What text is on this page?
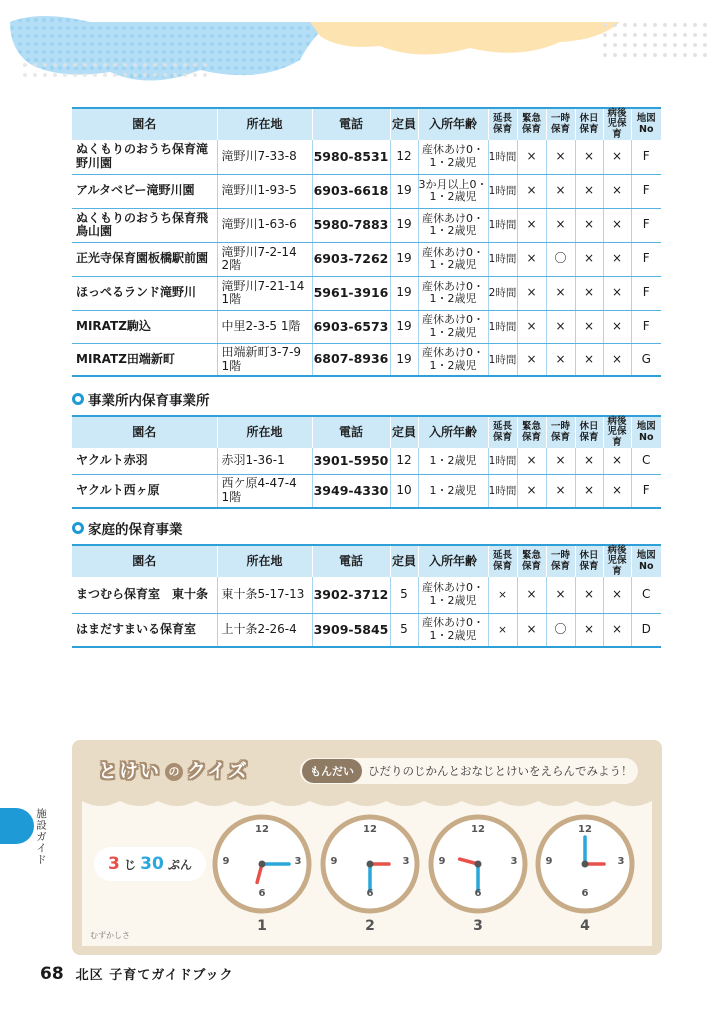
園名	所在地	電話	定員	入所年齢	延長保育	緊急保育	一時保育	休日保育	病後児保育	地図No
ぬくもりのおうち保育滝野川園	滝野川7-33-8	5980-8531	12	産休あけ0・1・2歳児	1時間	×	×	×	×	F
アルタベビー滝野川園	滝野川1-93-5	6903-6618	19	3か月以上0・1・2歳児	1時間	×	×	×	×	F
ぬくもりのおうち保育飛鳥山園	滝野川1-63-6	5980-7883	19	産休あけ0・1・2歳児	1時間	×	×	×	×	F
正光寺保育園板橋駅前園	滝野川7-2-14　2階	6903-7262	19	産休あけ0・1・2歳児	1時間	×	〇	×	×	F
ほっぺるランド滝野川	滝野川7-21-14　1階	5961-3916	19	産休あけ0・1・2歳児	2時間	×	×	×	×	F
MIRATZ駒込	中里2-3-5 1階	6903-6573	19	産休あけ0・1・2歳児	1時間	×	×	×	×	F
MIRATZ田端新町	田端新町3-7-9　1階	6807-8936	19	産休あけ0・1・2歳児	1時間	×	×	×	×	G
事業所内保育事業所
園名	所在地	電話	定員	入所年齢	延長保育	緊急保育	一時保育	休日保育	病後児保育	地図No
ヤクルト赤羽	赤羽1-36-1	3901-5950	12	1・2歳児	1時間	×	×	×	×	C
ヤクルト西ヶ原	西ケ原4-47-4　1階	3949-4330	10	1・2歳児	1時間	×	×	×	×	F
家庭的保育事業
園名	所在地	電話	定員	入所年齢	延長保育	緊急保育	一時保育	休日保育	病後児保育	地図No
まつむら保育室　東十条	東十条5-17-13	3902-3712	5	産休あけ0・1・2歳児	×	×	×	×	×	C
はまだすまいる保育室	上十条2-26-4	3909-5845	5	産休あけ0・1・2歳児	×	×	〇	×	×	D
施設ガイド
とけい の クイズ	もんだい	ひだりのじかんとおなじとけいをえらんでみよう！
3 じ 30 ぷん
12
3
6
9
1
12
3
6
9
2
12
3
6
9
3
12
3
6
9
4
むずかしさ
68 北区 子育てガイドブック
